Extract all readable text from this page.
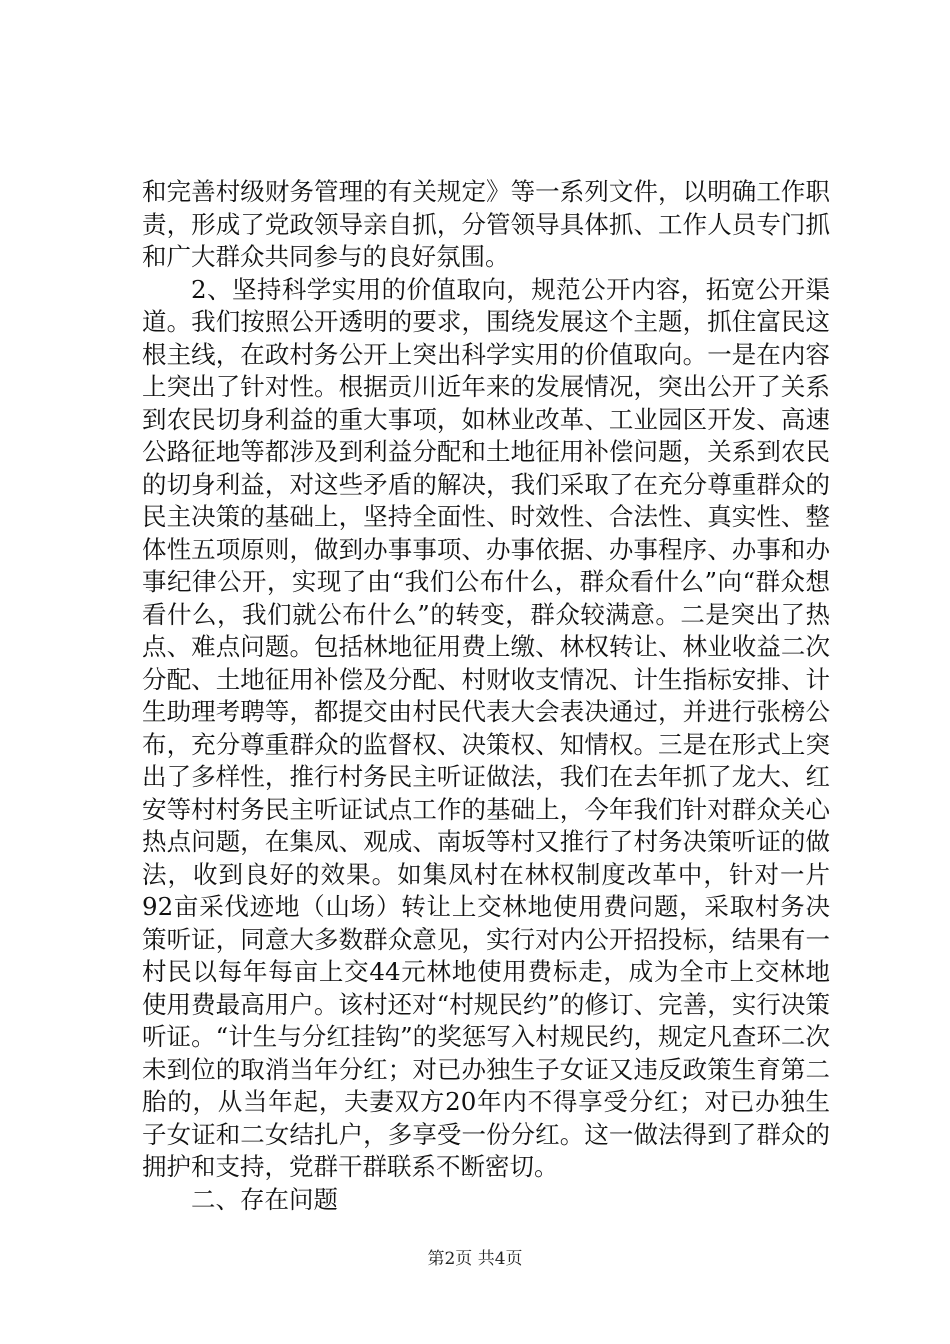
和完善村级财务管理的有关规定》等一系列文件，以明确工作职责，形成了党政领导亲自抓，分管领导具体抓、工作人员专门抓和广大群众共同参与的良好氛围。

2、坚持科学实用的价值取向，规范公开内容，拓宽公开渠道。我们按照公开透明的要求，围绕发展这个主题，抓住富民这根主线，在政村务公开上突出科学实用的价值取向。一是在内容上突出了针对性。根据贡川近年来的发展情况，突出公开了关系到农民切身利益的重大事项，如林业改革、工业园区开发、高速公路征地等都涉及到利益分配和土地征用补偿问题，关系到农民的切身利益，对这些矛盾的解决，我们采取了在充分尊重群众的民主决策的基础上，坚持全面性、时效性、合法性、真实性、整体性五项原则，做到办事事项、办事依据、办事程序、办事和办事纪律公开，实现了由“我们公布什么，群众看什么”向“群众想看什么，我们就公布什么”的转变，群众较满意。二是突出了热点、难点问题。包括林地征用费上缴、林权转让、林业收益二次分配、土地征用补偿及分配、村财收支情况、计生指标安排、计生助理考聘等，都提交由村民代表大会表决通过，并进行张榜公布，充分尊重群众的监督权、决策权、知情权。三是在形式上突出了多样性，推行村务民主听证做法，我们在去年抓了龙大、红安等村村务民主听证试点工作的基础上，今年我们针对群众关心热点问题，在集凤、观成、南坂等村又推行了村务决策听证的做法，收到良好的效果。如集凤村在林权制度改革中，针对一片92亩采伐迹地（山场）转让上交林地使用费问题，采取村务决策听证，同意大多数群众意见，实行对内公开招投标，结果有一村民以每年每亩上交44元林地使用费标走，成为全市上交林地使用费最高用户。该村还对“村规民约”的修订、完善，实行决策听证。“计生与分红挂钩”的奖惩写入村规民约，规定凡查环二次未到位的取消当年分红；对已办独生子女证又违反政策生育第二胎的，从当年起，夫妻双方20年内不得享受分红；对已办独生子女证和二女结扎户，多享受一份分红。这一做法得到了群众的拥护和支持，党群干群联系不断密切。

二、存在问题

第2页 共4页
